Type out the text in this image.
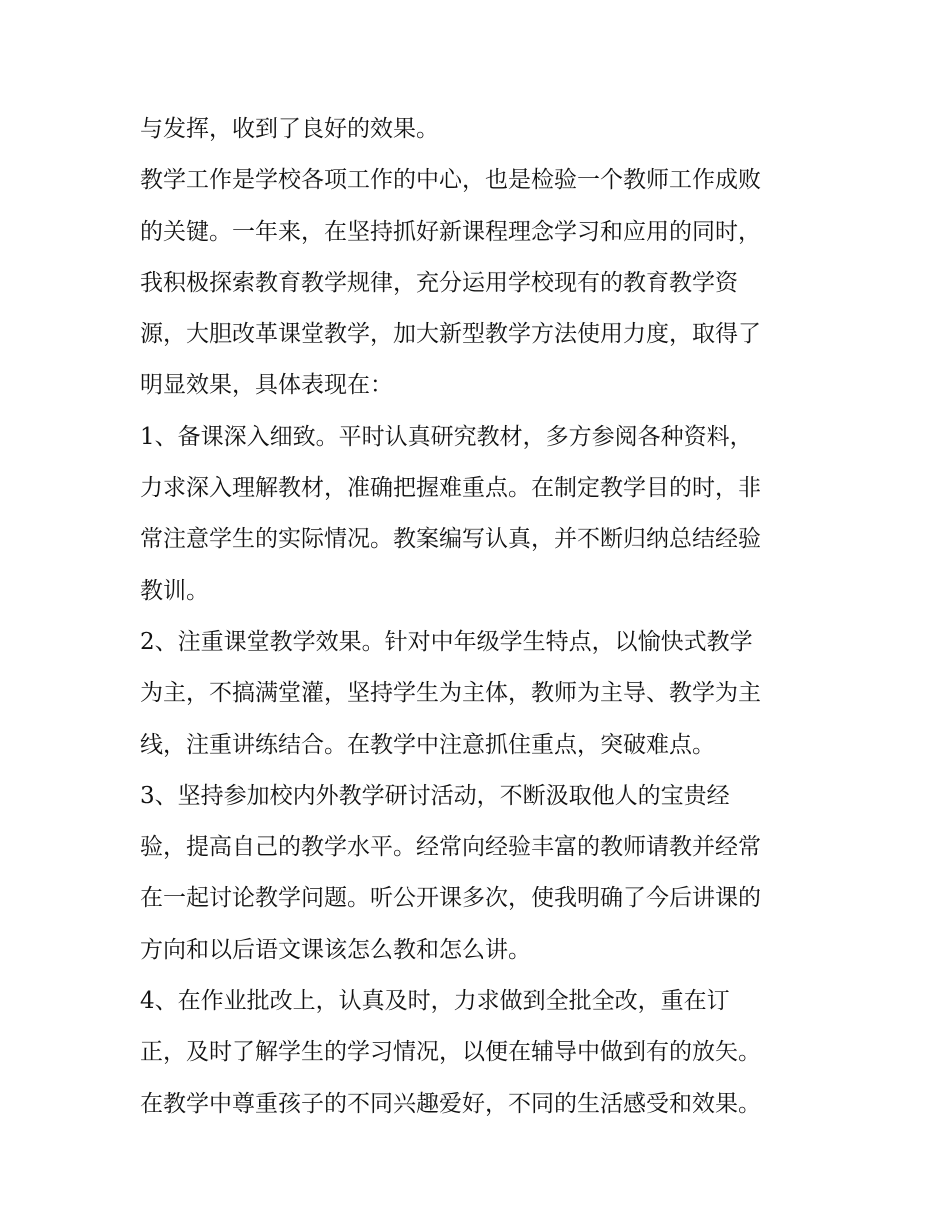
与发挥，收到了良好的效果。
教学工作是学校各项工作的中心，也是检验一个教师工作成败
的关键。一年来，在坚持抓好新课程理念学习和应用的同时，
我积极探索教育教学规律，充分运用学校现有的教育教学资
源，大胆改革课堂教学，加大新型教学方法使用力度，取得了
明显效果，具体表现在：
1、备课深入细致。平时认真研究教材，多方参阅各种资料，
力求深入理解教材，准确把握难重点。在制定教学目的时，非
常注意学生的实际情况。教案编写认真，并不断归纳总结经验
教训。
2、注重课堂教学效果。针对中年级学生特点，以愉快式教学
为主，不搞满堂灌，坚持学生为主体，教师为主导、教学为主
线，注重讲练结合。在教学中注意抓住重点，突破难点。
3、坚持参加校内外教学研讨活动，不断汲取他人的宝贵经
验，提高自己的教学水平。经常向经验丰富的教师请教并经常
在一起讨论教学问题。听公开课多次，使我明确了今后讲课的
方向和以后语文课该怎么教和怎么讲。
4、在作业批改上，认真及时，力求做到全批全改，重在订
正，及时了解学生的学习情况，以便在辅导中做到有的放矢。
在教学中尊重孩子的不同兴趣爱好，不同的生活感受和效果。
